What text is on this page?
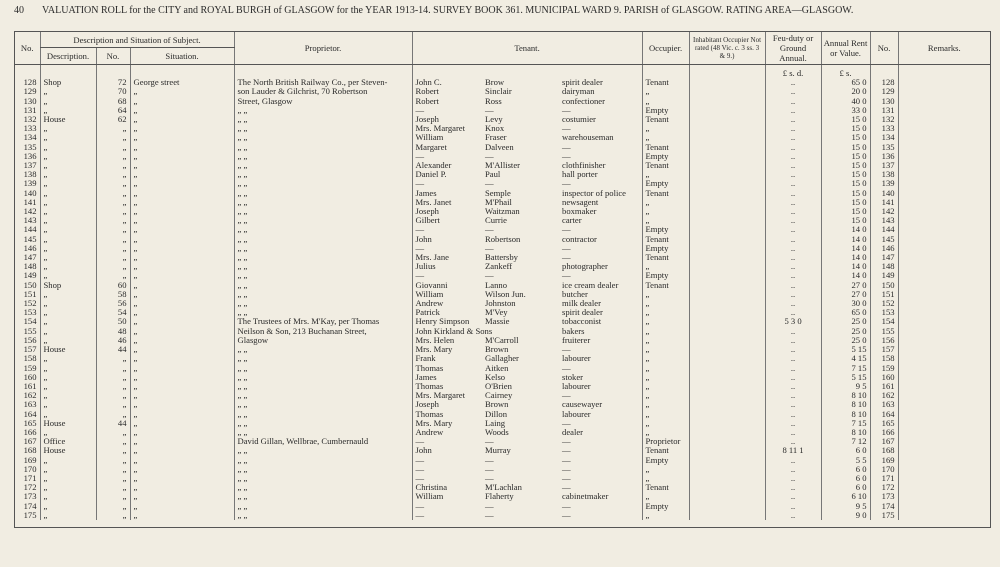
40 VALUATION ROLL for the CITY and ROYAL BURGH of GLASGOW for the YEAR 1913-14. SURVEY BOOK 361. MUNICIPAL WARD 9. PARISH of GLASGOW. RATING AREA—GLASGOW.
No.	Description and Situation of Subject.			Proprietor.	Tenant.			Occupier.	Inhabitant Occupier Not rated (48 Vic. c. 3 ss. 3 & 9.)	Feu-duty or Ground Annual.	Annual Rent or Value.	No.	Remarks.
	Description.	No.	Situation.										
										£ s. d.	£ s.		
128	Shop	72	George street	The North British Railway Co., per Steven-	John C.	Brow	spirit dealer	Tenant		..	65 0	128	
129	„	70	„	son Lauder & Gilchrist, 70 Robertson	Robert	Sinclair	dairyman	„		..	20 0	129	
130	„	68	„	Street, Glasgow	Robert	Ross	confectioner	„		..	40 0	130	
131	„	64	„	„ „	—	—	—	Empty		..	33 0	131	
132	House	62	„	„ „	Joseph	Levy	costumier	Tenant		..	15 0	132	
133	„	„	„	„ „	Mrs. Margaret	Knox	—	„		..	15 0	133	
134	„	„	„	„ „	William	Fraser	warehouseman	„		..	15 0	134	
135	„	„	„	„ „	Margaret	Dalveen	—	Tenant		..	15 0	135	
136	„	„	„	„ „	—	—	—	Empty		..	15 0	136	
137	„	„	„	„ „	Alexander	M'Allister	clothfinisher	Tenant		..	15 0	137	
138	„	„	„	„ „	Daniel P.	Paul	hall porter	„		..	15 0	138	
139	„	„	„	„ „	—	—	—	Empty		..	15 0	139	
140	„	„	„	„ „	James	Semple	inspector of police	Tenant		..	15 0	140	
141	„	„	„	„ „	Mrs. Janet	M'Phail	newsagent	„		..	15 0	141	
142	„	„	„	„ „	Joseph	Waitzman	boxmaker	„		..	15 0	142	
143	„	„	„	„ „	Gilbert	Currie	carter	„		..	15 0	143	
144	„	„	„	„ „	—	—	—	Empty		..	14 0	144	
145	„	„	„	„ „	John	Robertson	contractor	Tenant		..	14 0	145	
146	„	„	„	„ „	—	—	—	Empty		..	14 0	146	
147	„	„	„	„ „	Mrs. Jane	Battersby	—	Tenant		..	14 0	147	
148	„	„	„	„ „	Julius	Zankeff	photographer	„		..	14 0	148	
149	„	„	„	„ „	—	—	—	Empty		..	14 0	149	
150	Shop	60	„	„ „	Giovanni	Lanno	ice cream dealer	Tenant		..	27 0	150	
151	„	58	„	„ „	William	Wilson Jun.	butcher	„		..	27 0	151	
152	„	56	„	„ „	Andrew	Johnston	milk dealer	„		..	30 0	152	
153	„	54	„	„ „	Patrick	M'Vey	spirit dealer	„		..	65 0	153	
154	„	50	„	The Trustees of Mrs. M'Kay, per Thomas	Henry Simpson	Massie	tobacconist	„		5 3 0	25 0	154	
155	„	48	„	Neilson & Son, 213 Buchanan Street,	John Kirkland & Sons		bakers	„		..	25 0	155	
156	„	46	„	Glasgow	Mrs. Helen	M'Carroll	fruiterer	„		..	25 0	156	
157	House	44	„	„ „	Mrs. Mary	Brown	—	„		..	5 15	157	
158	„	„	„	„ „	Frank	Gallagher	labourer	„		..	4 15	158	
159	„	„	„	„ „	Thomas	Aitken	—	„		..	7 15	159	
160	„	„	„	„ „	James	Kelso	stoker	„		..	5 15	160	
161	„	„	„	„ „	Thomas	O'Brien	labourer	„		..	9 5	161	
162	„	„	„	„ „	Mrs. Margaret	Cairney	—	„		..	8 10	162	
163	„	„	„	„ „	Joseph	Brown	causewayer	„		..	8 10	163	
164	„	„	„	„ „	Thomas	Dillon	labourer	„		..	8 10	164	
165	House	44	„	„ „	Mrs. Mary	Laing	—	„		..	7 15	165	
166	„	„	„	„ „	Andrew	Woods	dealer	„		..	8 10	166	
167	Office	„	„	David Gillan, Wellbrae, Cumbernauld	—	—	—	Proprietor		..	7 12	167	
168	House	„	„	„ „	John	Murray	—	Tenant		8 11 1	6 0	168	
169	„	„	„	„ „	—	—	—	Empty		..	5 5	169	
170	„	„	„	„ „	—	—	—	„		..	6 0	170	
171	„	„	„	„ „	—	—	—	„		..	6 0	171	
172	„	„	„	„ „	Christina	M'Lachlan	—	Tenant		..	6 0	172	
173	„	„	„	„ „	William	Flaherty	cabinetmaker	„		..	6 10	173	
174	„	„	„	„ „	—	—	—	Empty		..	9 5	174	
175	„	„	„	„ „	—	—	—	„		..	9 0	175	
